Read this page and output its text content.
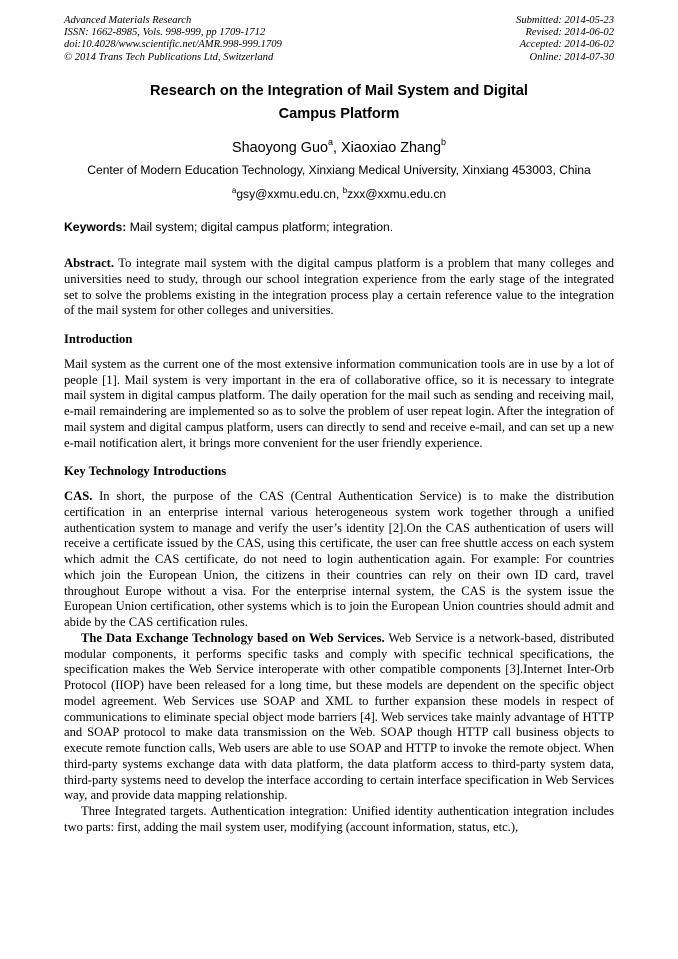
Advanced Materials Research
ISSN: 1662-8985, Vols. 998-999, pp 1709-1712
doi:10.4028/www.scientific.net/AMR.998-999.1709
© 2014 Trans Tech Publications Ltd, Switzerland
Submitted: 2014-05-23
Revised: 2014-06-02
Accepted: 2014-06-02
Online: 2014-07-30
Research on the Integration of Mail System and Digital
Campus Platform
Shaoyong Guo$^a$, Xiaoxiao Zhang$^b$
Center of Modern Education Technology, Xinxiang Medical University, Xinxiang 453003, China
$^a$gsy@xxmu.edu.cn, $^b$zxx@xxmu.edu.cn
Keywords: Mail system; digital campus platform; integration.

Abstract. To integrate mail system with the digital campus platform is a problem that many colleges and universities need to study, through our school integration experience from the early stage of the integrated set to solve the problems existing in the integration process play a certain reference value to the integration of the mail system for other colleges and universities.

Introduction

Mail system as the current one of the most extensive information communication tools are in use by a lot of people [1]. Mail system is very important in the era of collaborative office, so it is necessary to integrate mail system in digital campus platform. The daily operation for the mail such as sending and receiving mail, e-mail remaindering are implemented so as to solve the problem of user repeat login. After the integration of mail system and digital campus platform, users can directly to send and receive e-mail, and can set up a new e-mail notification alert, it brings more convenient for the user friendly experience.

Key Technology Introductions

CAS. In short, the purpose of the CAS (Central Authentication Service) is to make the distribution certification in an enterprise internal various heterogeneous system work together through a unified authentication system to manage and verify the user’s identity [2].On the CAS authentication of users will receive a certificate issued by the CAS, using this certificate, the user can free shuttle access on each system which admit the CAS certificate, do not need to login authentication again. For example: For countries which join the European Union, the citizens in their countries can rely on their own ID card, travel throughout Europe without a visa. For the enterprise internal system, the CAS is the system issue the European Union certification, other systems which is to join the European Union countries should admit and abide by the CAS certification rules.

The Data Exchange Technology based on Web Services. Web Service is a network-based, distributed modular components, it performs specific tasks and comply with specific technical specifications, the specification makes the Web Service interoperate with other compatible components [3].Internet Inter-Orb Protocol (IIOP) have been released for a long time, but these models are dependent on the specific object model agreement. Web Services use SOAP and XML to further expansion these models in respect of communications to eliminate special object mode barriers [4]. Web services take mainly advantage of HTTP and SOAP protocol to make data transmission on the Web. SOAP though HTTP call business objects to execute remote function calls, Web users are able to use SOAP and HTTP to invoke the remote object. When third-party systems exchange data with data platform, the data platform access to third-party system data, third-party systems need to develop the interface according to certain interface specification in Web Services way, and provide data mapping relationship.

Three Integrated targets. Authentication integration: Unified identity authentication integration includes two parts: first, adding the mail system user, modifying (account information, status, etc.),
